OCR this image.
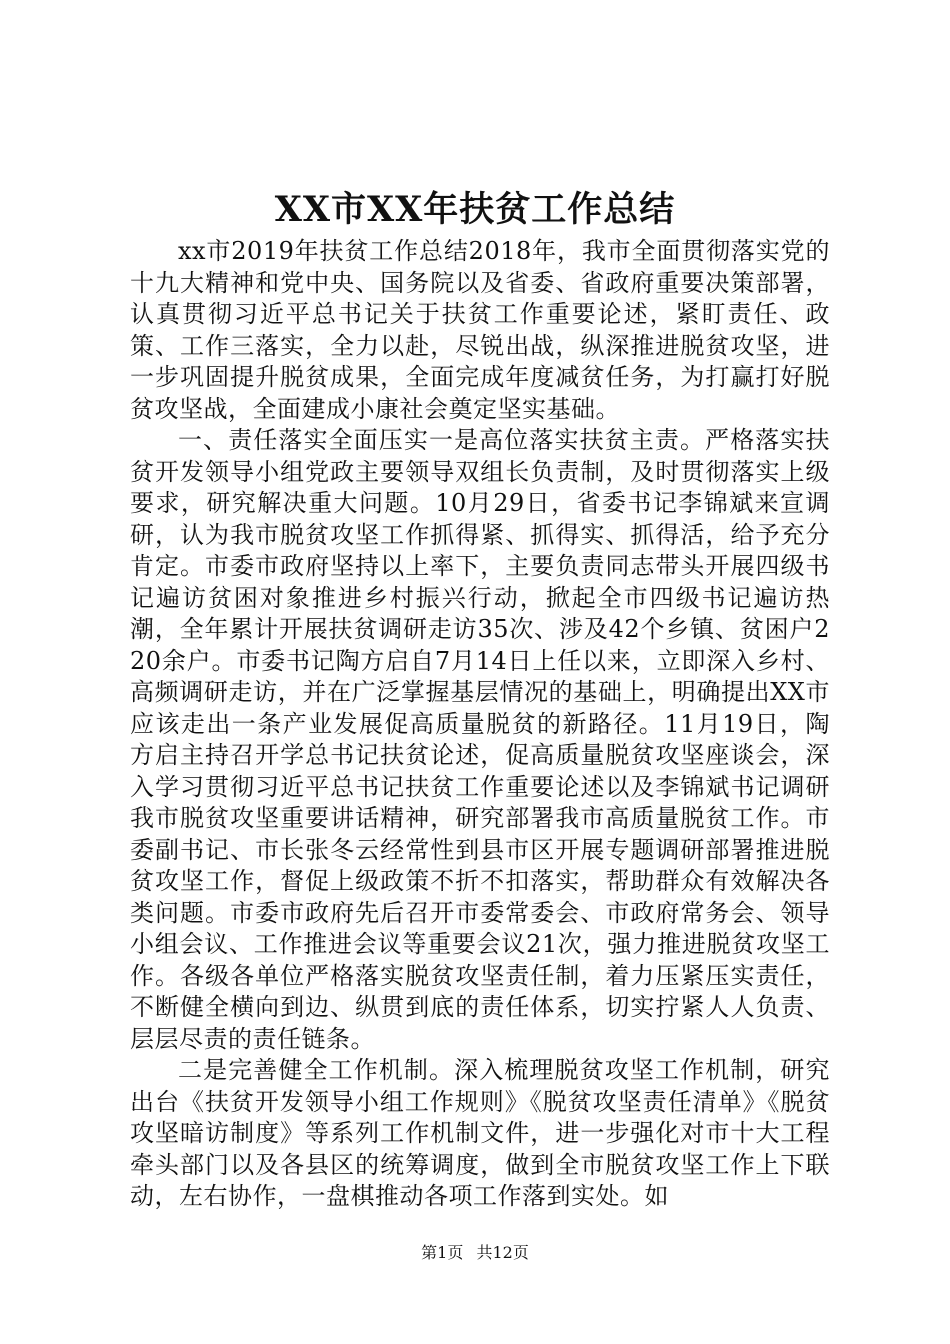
XX市XX年扶贫工作总结

xx市2019年扶贫工作总结2018年，我市全面贯彻落实党的十九大精神和党中央、国务院以及省委、省政府重要决策部署，认真贯彻习近平总书记关于扶贫工作重要论述，紧盯责任、政策、工作三落实，全力以赴，尽锐出战，纵深推进脱贫攻坚，进一步巩固提升脱贫成果，全面完成年度减贫任务，为打赢打好脱贫攻坚战，全面建成小康社会奠定坚实基础。

一、责任落实全面压实一是高位落实扶贫主责。严格落实扶贫开发领导小组党政主要领导双组长负责制，及时贯彻落实上级要求，研究解决重大问题。10月29日，省委书记李锦斌来宣调研，认为我市脱贫攻坚工作抓得紧、抓得实、抓得活，给予充分肯定。市委市政府坚持以上率下，主要负责同志带头开展四级书记遍访贫困对象推进乡村振兴行动，掀起全市四级书记遍访热潮，全年累计开展扶贫调研走访35次、涉及42个乡镇、贫困户220余户。市委书记陶方启自7月14日上任以来，立即深入乡村、高频调研走访，并在广泛掌握基层情况的基础上，明确提出XX市应该走出一条产业发展促高质量脱贫的新路径。11月19日，陶方启主持召开学总书记扶贫论述，促高质量脱贫攻坚座谈会，深入学习贯彻习近平总书记扶贫工作重要论述以及李锦斌书记调研我市脱贫攻坚重要讲话精神，研究部署我市高质量脱贫工作。市委副书记、市长张冬云经常性到县市区开展专题调研部署推进脱贫攻坚工作，督促上级政策不折不扣落实，帮助群众有效解决各类问题。市委市政府先后召开市委常委会、市政府常务会、领导小组会议、工作推进会议等重要会议21次，强力推进脱贫攻坚工作。各级各单位严格落实脱贫攻坚责任制，着力压紧压实责任，不断健全横向到边、纵贯到底的责任体系，切实拧紧人人负责、层层尽责的责任链条。

二是完善健全工作机制。深入梳理脱贫攻坚工作机制，研究出台《扶贫开发领导小组工作规则》《脱贫攻坚责任清单》《脱贫攻坚暗访制度》等系列工作机制文件，进一步强化对市十大工程牵头部门以及各县区的统筹调度，做到全市脱贫攻坚工作上下联动，左右协作，一盘棋推动各项工作落到实处。如

第1页 共12页
